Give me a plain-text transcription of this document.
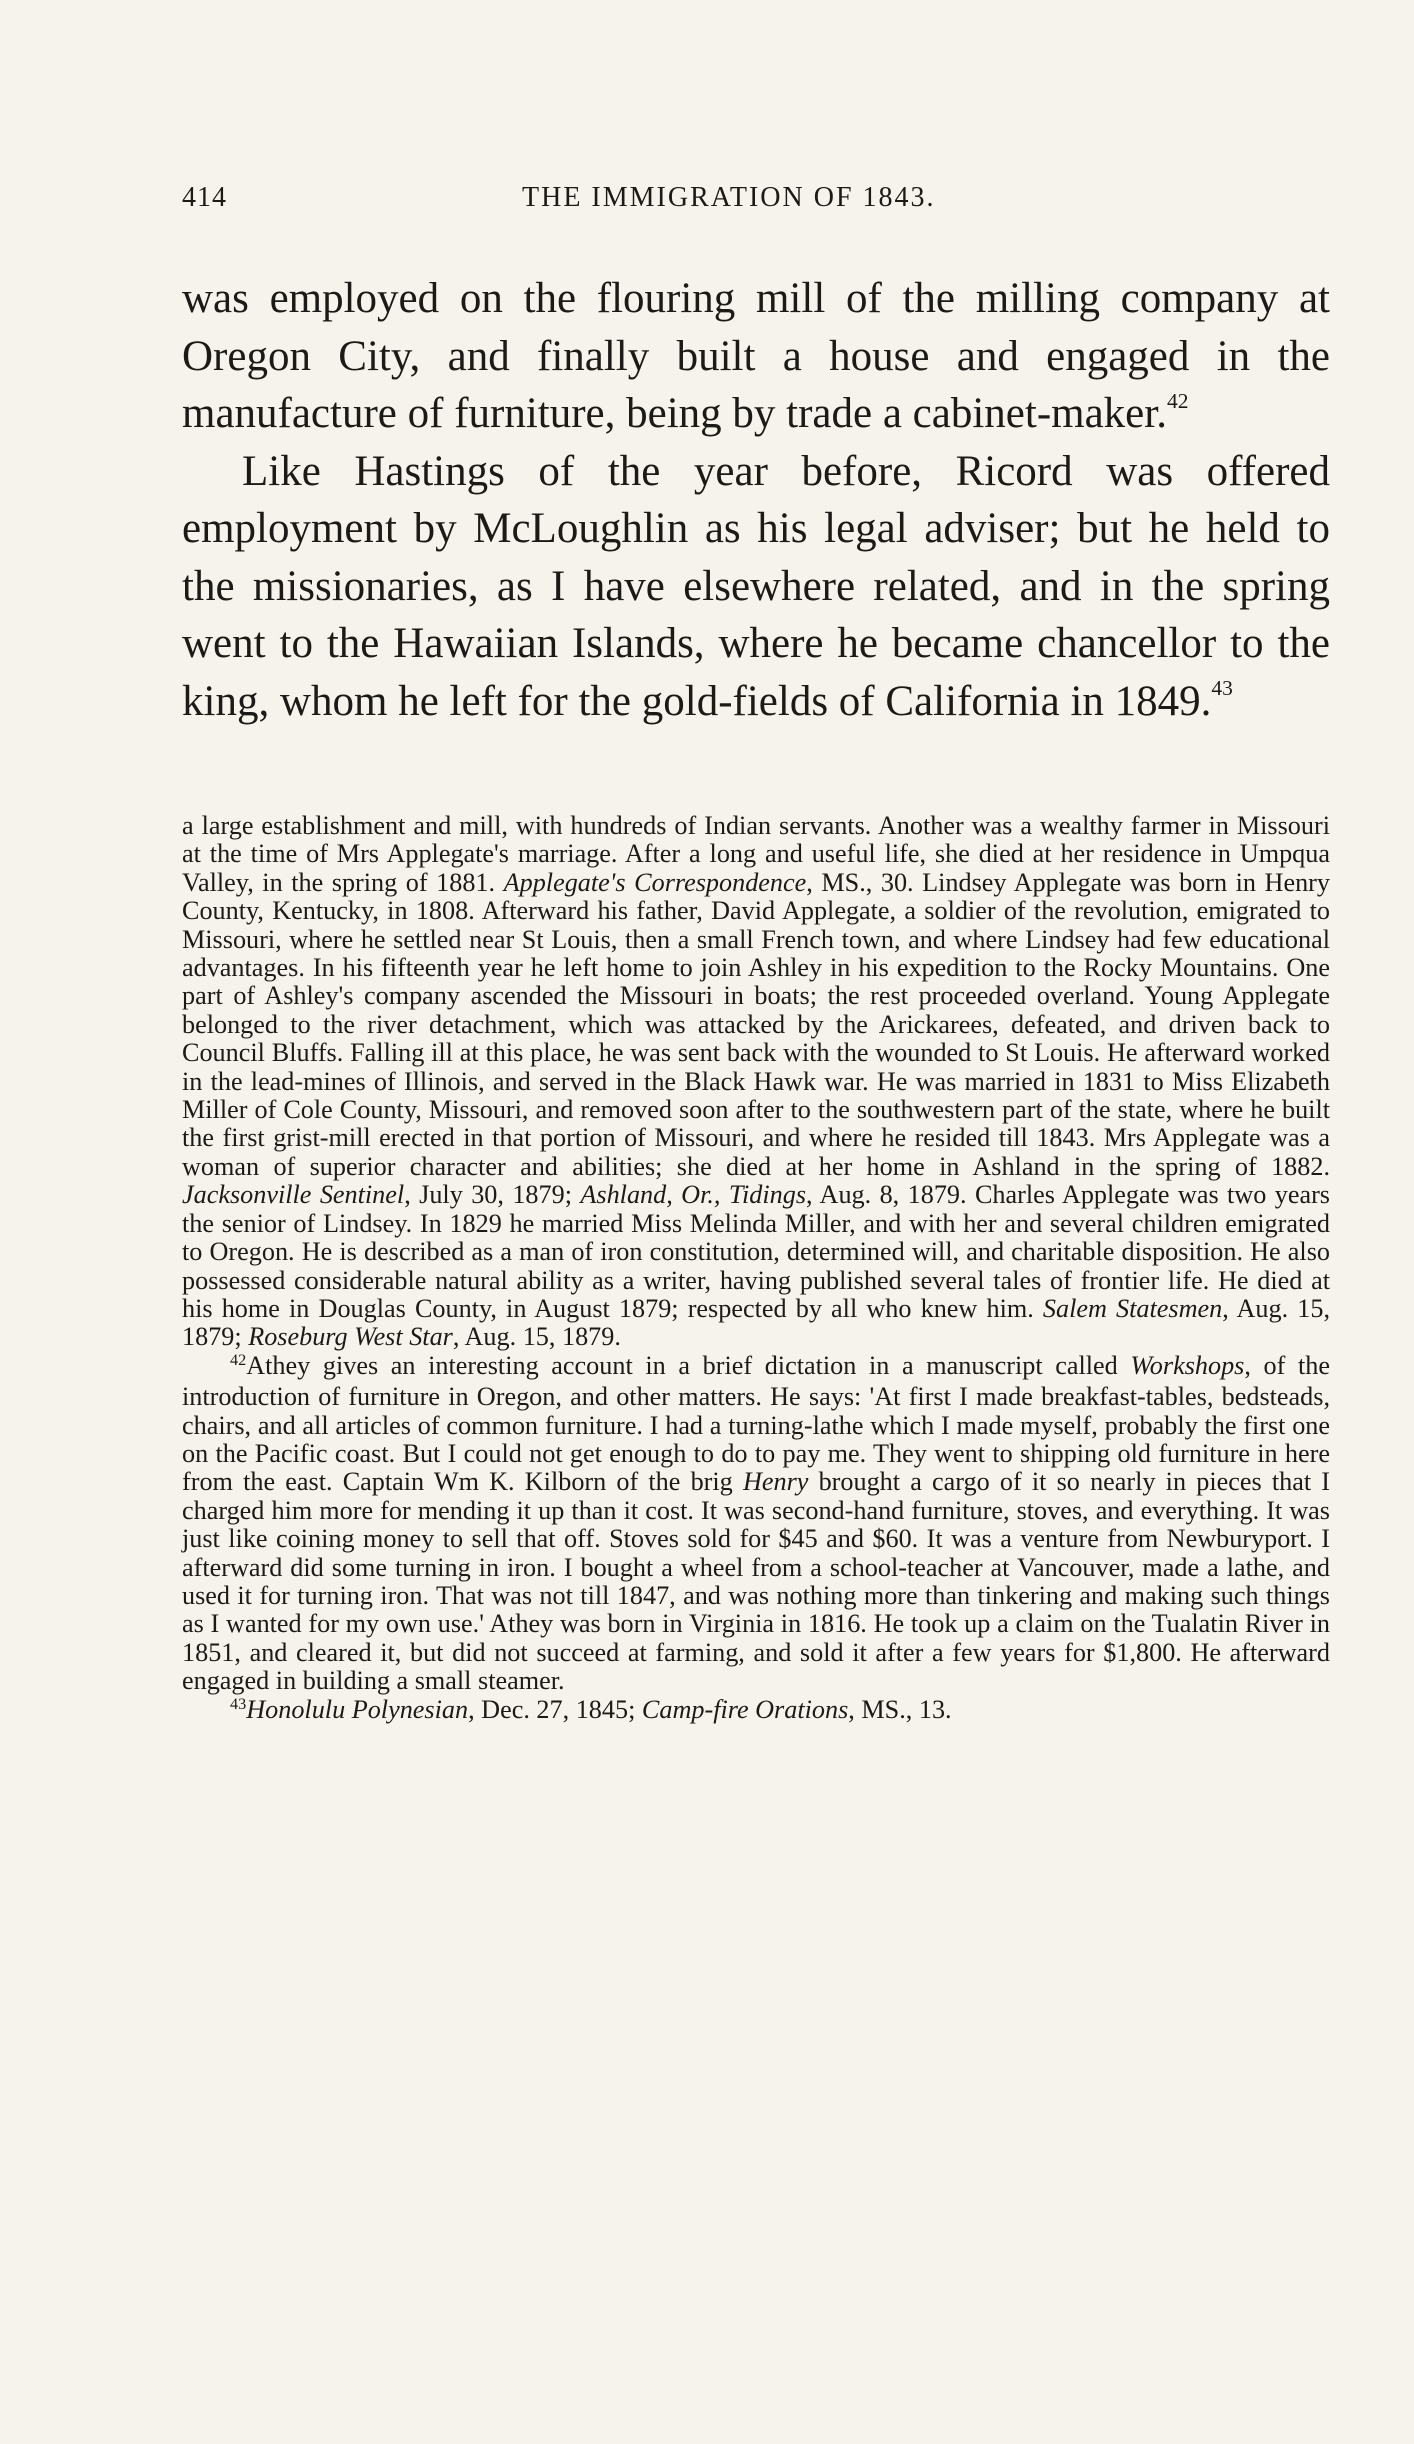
414	THE IMMIGRATION OF 1843.

was employed on the flouring mill of the milling company at Oregon City, and finally built a house and engaged in the manufacture of furniture, being by trade a cabinet-maker.$^{42}$

Like Hastings of the year before, Ricord was offered employment by McLoughlin as his legal adviser; but he held to the missionaries, as I have elsewhere related, and in the spring went to the Hawaiian Islands, where he became chancellor to the king, whom he left for the gold-fields of California in 1849.43

a large establishment and mill, with hundreds of Indian servants. Another was a wealthy farmer in Missouri at the time of Mrs Applegate's marriage. After a long and useful life, she died at her residence in Umpqua Valley, in the spring of 1881. Applegate's Correspondence, MS., 30. Lindsey Applegate was born in Henry County, Kentucky, in 1808. Afterward his father, David Applegate, a soldier of the revolution, emigrated to Missouri, where he settled near St Louis, then a small French town, and where Lindsey had few educational advantages. In his fifteenth year he left home to join Ashley in his expedition to the Rocky Mountains. One part of Ashley's company ascended the Missouri in boats; the rest proceeded overland. Young Applegate belonged to the river detachment, which was attacked by the Arickarees, defeated, and driven back to Council Bluffs. Falling ill at this place, he was sent back with the wounded to St Louis. He afterward worked in the lead-mines of Illinois, and served in the Black Hawk war. He was married in 1831 to Miss Elizabeth Miller of Cole County, Missouri, and removed soon after to the southwestern part of the state, where he built the first grist-mill erected in that portion of Missouri, and where he resided till 1843. Mrs Applegate was a woman of superior character and abilities; she died at her home in Ashland in the spring of 1882. Jacksonville Sentinel, July 30, 1879; Ashland, Or., Tidings, Aug. 8, 1879. Charles Applegate was two years the senior of Lindsey. In 1829 he married Miss Melinda Miller, and with her and several children emigrated to Oregon. He is described as a man of iron constitution, determined will, and charitable disposition. He also possessed considerable natural ability as a writer, having published several tales of frontier life. He died at his home in Douglas County, in August 1879; respected by all who knew him. Salem Statesmen, Aug. 15, 1879; Roseburg West Star, Aug. 15, 1879.

$^{42}$Athey gives an interesting account in a brief dictation in a manuscript called Workshops, of the introduction of furniture in Oregon, and other matters. He says: 'At first I made breakfast-tables, bedsteads, chairs, and all articles of common furniture. I had a turning-lathe which I made myself, probably the first one on the Pacific coast. But I could not get enough to do to pay me. They went to shipping old furniture in here from the east. Captain Wm K. Kilborn of the brig Henry brought a cargo of it so nearly in pieces that I charged him more for mending it up than it cost. It was second-hand furniture, stoves, and everything. It was just like coining money to sell that off. Stoves sold for $45 and $60. It was a venture from Newburyport. I afterward did some turning in iron. I bought a wheel from a school-teacher at Vancouver, made a lathe, and used it for turning iron. That was not till 1847, and was nothing more than tinkering and making such things as I wanted for my own use.' Athey was born in Virginia in 1816. He took up a claim on the Tualatin River in 1851, and cleared it, but did not succeed at farming, and sold it after a few years for $1,800. He afterward engaged in building a small steamer.

$^{43}$Honolulu Polynesian, Dec. 27, 1845; Camp-fire Orations, MS., 13.
